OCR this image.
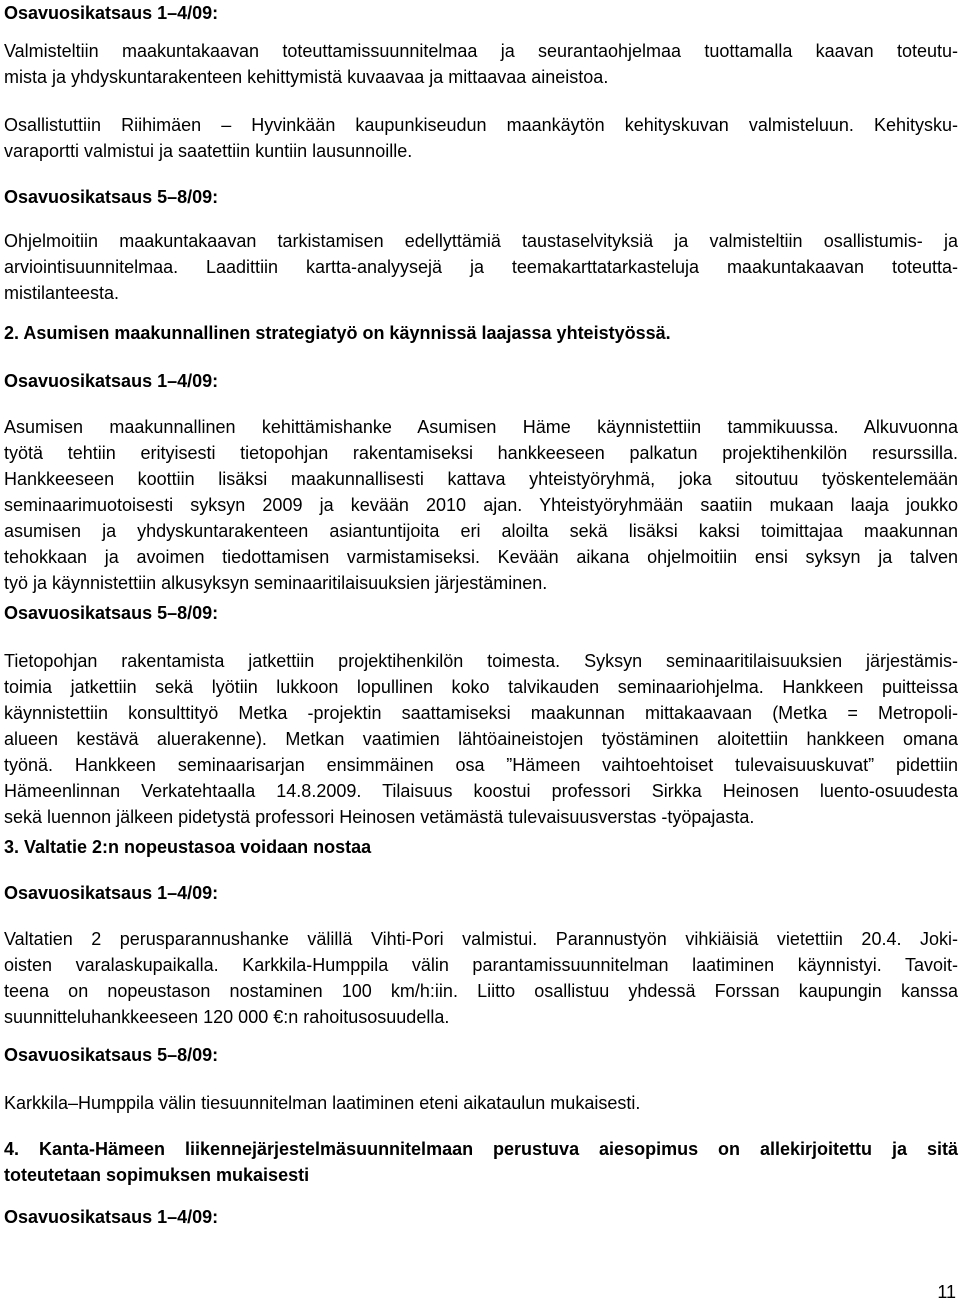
Osavuosikatsaus 1–4/09:

Valmisteltiin maakuntakaavan toteuttamissuunnitelmaa ja seurantaohjelmaa tuottamalla kaavan toteutu-

mista ja yhdyskuntarakenteen kehittymistä kuvaavaa ja mittaavaa aineistoa.

Osallistuttiin Riihimäen – Hyvinkään kaupunkiseudun maankäytön kehityskuvan valmisteluun. Kehitysku-

varaportti valmistui ja saatettiin kuntiin lausunnoille.

Osavuosikatsaus 5–8/09:

Ohjelmoitiin maakuntakaavan tarkistamisen edellyttämiä taustaselvityksiä ja valmisteltiin osallistumis- ja

arviointisuunnitelmaa. Laadittiin kartta-analyysejä ja teemakarttatarkasteluja maakuntakaavan toteutta-

mistilanteesta.

2. Asumisen maakunnallinen strategiatyö on käynnissä laajassa yhteistyössä.

Osavuosikatsaus 1–4/09:

Asumisen maakunnallinen kehittämishanke Asumisen Häme käynnistettiin tammikuussa. Alkuvuonna

työtä tehtiin erityisesti tietopohjan rakentamiseksi hankkeeseen palkatun projektihenkilön resurssilla.

Hankkeeseen koottiin lisäksi maakunnallisesti kattava yhteistyöryhmä, joka sitoutuu työskentelemään

seminaarimuotoisesti syksyn 2009 ja kevään 2010 ajan. Yhteistyöryhmään saatiin mukaan laaja joukko

asumisen ja yhdyskuntarakenteen asiantuntijoita eri aloilta sekä lisäksi kaksi toimittajaa maakunnan

tehokkaan ja avoimen tiedottamisen varmistamiseksi. Kevään aikana ohjelmoitiin ensi syksyn ja talven

työ ja käynnistettiin alkusyksyn seminaaritilaisuuksien järjestäminen.

Osavuosikatsaus 5–8/09:

Tietopohjan rakentamista jatkettiin projektihenkilön toimesta. Syksyn seminaaritilaisuuksien järjestämis-

toimia jatkettiin sekä lyötiin lukkoon lopullinen koko talvikauden seminaariohjelma. Hankkeen puitteissa

käynnistettiin konsulttityö Metka -projektin saattamiseksi maakunnan mittakaavaan (Metka = Metropoli-

alueen kestävä aluerakenne). Metkan vaatimien lähtöaineistojen työstäminen aloitettiin hankkeen omana

työnä. Hankkeen seminaarisarjan ensimmäinen osa ”Hämeen vaihtoehtoiset tulevaisuuskuvat” pidettiin

Hämeenlinnan Verkatehtaalla 14.8.2009. Tilaisuus koostui professori Sirkka Heinosen luento-osuudesta

sekä luennon jälkeen pidetystä professori Heinosen vetämästä tulevaisuusverstas -työpajasta.

3. Valtatie 2:n nopeustasoa voidaan nostaa

Osavuosikatsaus 1–4/09:

Valtatien 2 perusparannushanke välillä Vihti-Pori valmistui. Parannustyön vihkiäisiä vietettiin 20.4. Joki-

oisten varalaskupaikalla. Karkkila-Humppila välin parantamissuunnitelman laatiminen käynnistyi. Tavoit-

teena on nopeustason nostaminen 100 km/h:iin. Liitto osallistuu yhdessä Forssan kaupungin kanssa

suunnitteluhankkeeseen 120 000 €:n rahoitusosuudella.

Osavuosikatsaus 5–8/09:

Karkkila–Humppila välin tiesuunnitelman laatiminen eteni aikataulun mukaisesti.

4. Kanta-Hämeen liikennejärjestelmäsuunnitelmaan perustuva aiesopimus on allekirjoitettu ja sitä

toteutetaan sopimuksen mukaisesti

Osavuosikatsaus 1–4/09:

11
